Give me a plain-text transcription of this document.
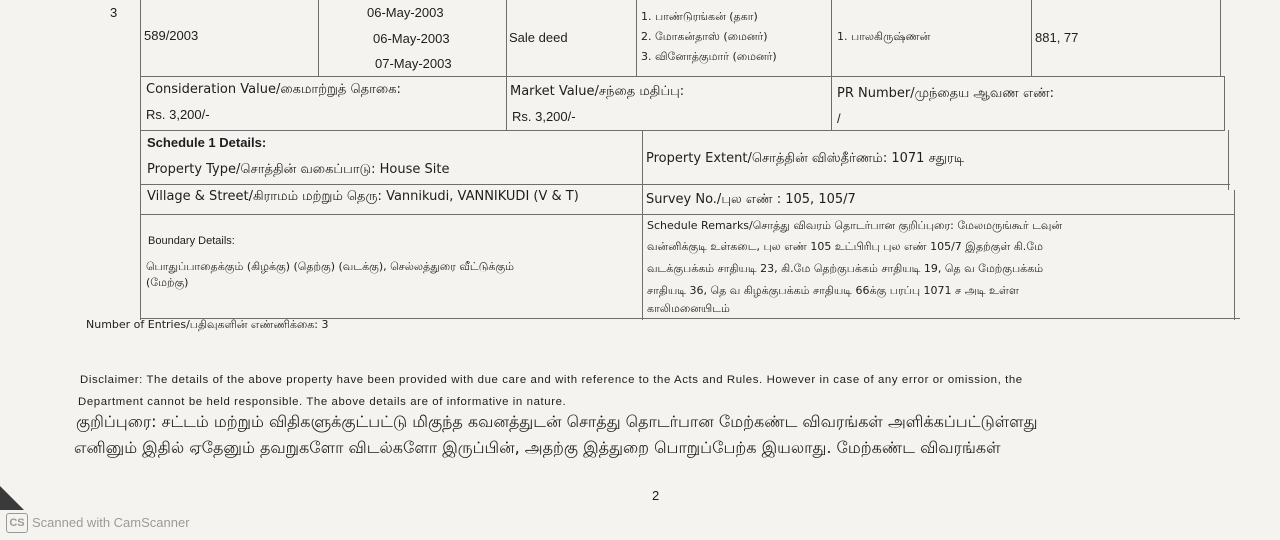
3
589/2003
06-May-2003
06-May-2003
07-May-2003
Sale deed
1. பாண்டுரங்கன் (தகா)
2. மோகன்தாஸ் (மைனர்)
3. வினோத்குமார் (மைனர்)
1. பாலகிருஷ்ணன்	881, 77
Consideration Value/கைமாற்றுத் தொகை:
Rs. 3,200/-
Market Value/சந்தை மதிப்பு:
Rs. 3,200/-
PR Number/முந்தைய ஆவண எண்:
/
Schedule 1 Details:
Property Type/சொத்தின் வகைப்பாடு: House Site
Property Extent/சொத்தின் விஸ்தீர்ணம்: 1071 சதுரடி
Village & Street/கிராமம் மற்றும் தெரு: Vannikudi, VANNIKUDI (V & T)	Survey No./புல எண் : 105, 105/7
Boundary Details:
பொதுப்பாதைக்கும் (கிழக்கு) (தெற்கு) (வடக்கு), செல்லத்துரை வீட்டுக்கும்
(மேற்கு)
Schedule Remarks/சொத்து விவரம் தொடர்பான குறிப்புரை: மேலமருங்கூர் டவுன்
வன்னிக்குடி உள்கடை, புல எண் 105 உட்பிரிபு புல எண் 105/7 இதற்குள் கி.மே
வடக்குபக்கம் சாதியடி 23, கி.மே தெற்குபக்கம் சாதியடி 19, தெ வ மேற்குபக்கம்
சாதியடி 36, தெ வ கிழக்குபக்கம் சாதியடி 66க்கு பரப்பு 1071 ச அடி உள்ள
காலிமனையிடம்
Number of Entries/பதிவுகளின் எண்ணிக்கை: 3
Disclaimer: The details of the above property have been provided with due care and with reference to the Acts and Rules. However in case of any error or omission, the
Department cannot be held responsible. The above details are of informative in nature.
குறிப்புரை: சட்டம் மற்றும் விதிகளுக்குட்பட்டு மிகுந்த கவனத்துடன் சொத்து தொடர்பான மேற்கண்ட விவரங்கள் அளிக்கப்பட்டுள்ளது
எனினும் இதில் ஏதேனும் தவறுகளோ விடல்களோ இருப்பின், அதற்கு இத்துறை பொறுப்பேற்க இயலாது. மேற்கண்ட விவரங்கள்
2
CS Scanned with CamScanner
